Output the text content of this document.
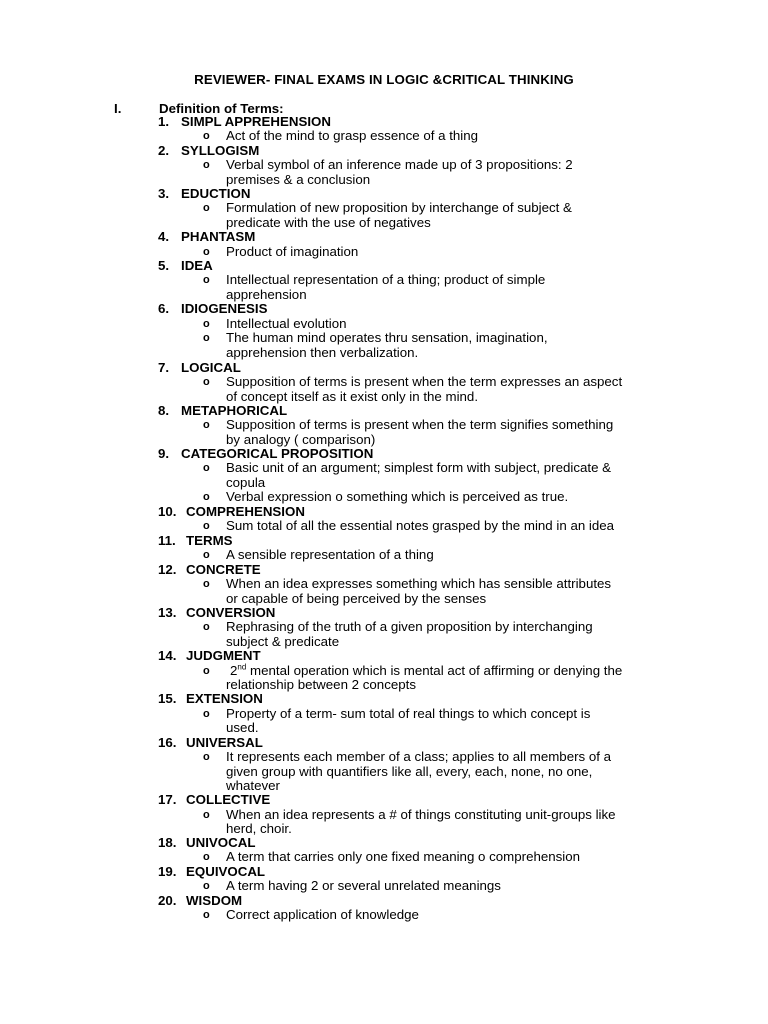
REVIEWER- FINAL EXAMS IN LOGIC &CRITICAL THINKING
I.	Definition of Terms:
1. SIMPL APPREHENSION
o Act of the mind to grasp essence of a thing
2. SYLLOGISM
o Verbal symbol of an inference made up of 3 propositions: 2
premises & a conclusion
3. EDUCTION
o Formulation of new proposition by interchange of subject &
predicate with the use of negatives
4. PHANTASM
o Product of imagination
5. IDEA
o Intellectual representation of a thing; product of simple
apprehension
6. IDIOGENESIS
o Intellectual evolution
o The human mind operates thru sensation, imagination,
apprehension then verbalization.
7. LOGICAL
o Supposition of terms is present when the term expresses an aspect
of concept itself as it exist only in the mind.
8. METAPHORICAL
o Supposition of terms is present when the term signifies something
by analogy ( comparison)
9. CATEGORICAL PROPOSITION
o Basic unit of an argument; simplest form with subject, predicate &
copula
o Verbal expression o something which is perceived as true.
10. COMPREHENSION
o Sum total of all the essential notes grasped by the mind in an idea
11. TERMS
o A sensible representation of a thing
12. CONCRETE
o When an idea expresses something which has sensible attributes
or capable of being perceived by the senses
13. CONVERSION
o Rephrasing of the truth of a given proposition by interchanging
subject & predicate
14. JUDGMENT
o 2nd mental operation which is mental act of affirming or denying the
relationship between 2 concepts
15. EXTENSION
o Property of a term- sum total of real things to which concept is
used.
16. UNIVERSAL
o It represents each member of a class; applies to all members of a
given group with quantifiers like all, every, each, none, no one,
whatever
17. COLLECTIVE
o When an idea represents a # of things constituting unit-groups like
herd, choir.
18. UNIVOCAL
o A term that carries only one fixed meaning o comprehension
19. EQUIVOCAL
o A term having 2 or several unrelated meanings
20. WISDOM
o Correct application of knowledge
